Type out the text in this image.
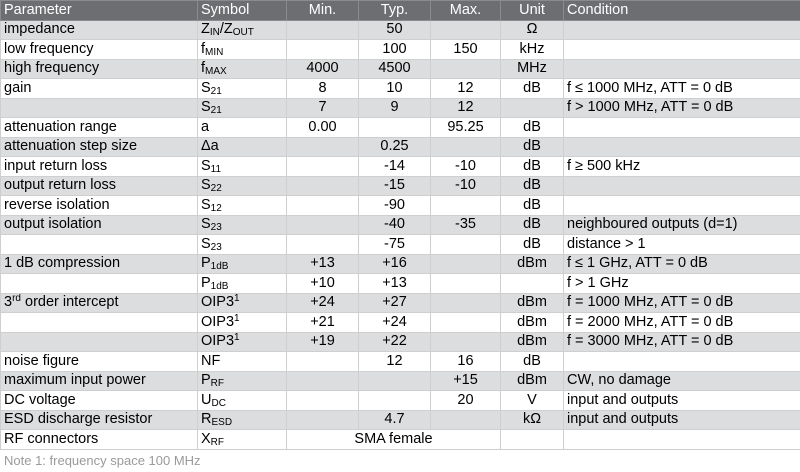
Parameter	Symbol	Min.	Typ.	Max.	Unit	Condition
impedance	$Z_{IN}/Z_{OUT}$		50		Ω	
low frequency	$f_{MIN}$		100	150	kHz	
high frequency	$f_{MAX}$	4000	4500		MHz	
gain	$S_{21}$	8	10	12	dB	f ≤ 1000 MHz, ATT = 0 dB
	$S_{21}$	7	9	12		f > 1000 MHz, ATT = 0 dB
attenuation range	a	0.00		95.25	dB	
attenuation step size	Δa		0.25		dB	
input return loss	$S_{11}$		-14	-10	dB	f ≥ 500 kHz
output return loss	$S_{22}$		-15	-10	dB	
reverse isolation	$S_{12}$		-90		dB	
output isolation	$S_{23}$		-40	-35	dB	neighboured outputs (d=1)
	$S_{23}$		-75		dB	distance > 1
1 dB compression	$P_{1dB}$	+13	+16		dBm	f ≤ 1 GHz, ATT = 0 dB
	$P_{1dB}$	+10	+13			f > 1 GHz
3rd order intercept	$OIP3^1$	+24	+27		dBm	f = 1000 MHz, ATT = 0 dB
	$OIP3^1$	+21	+24		dBm	f = 2000 MHz, ATT = 0 dB
	$OIP3^1$	+19	+22		dBm	f = 3000 MHz, ATT = 0 dB
noise figure	NF		12	16	dB	
maximum input power	$P_{RF}$			+15	dBm	CW, no damage
DC voltage	$U_{DC}$			20	V	input and outputs
ESD discharge resistor	$R_{ESD}$		4.7		kΩ	input and outputs
RF connectors	$X_{RF}$	SMA female				
Note 1: frequency space 100 MHz
